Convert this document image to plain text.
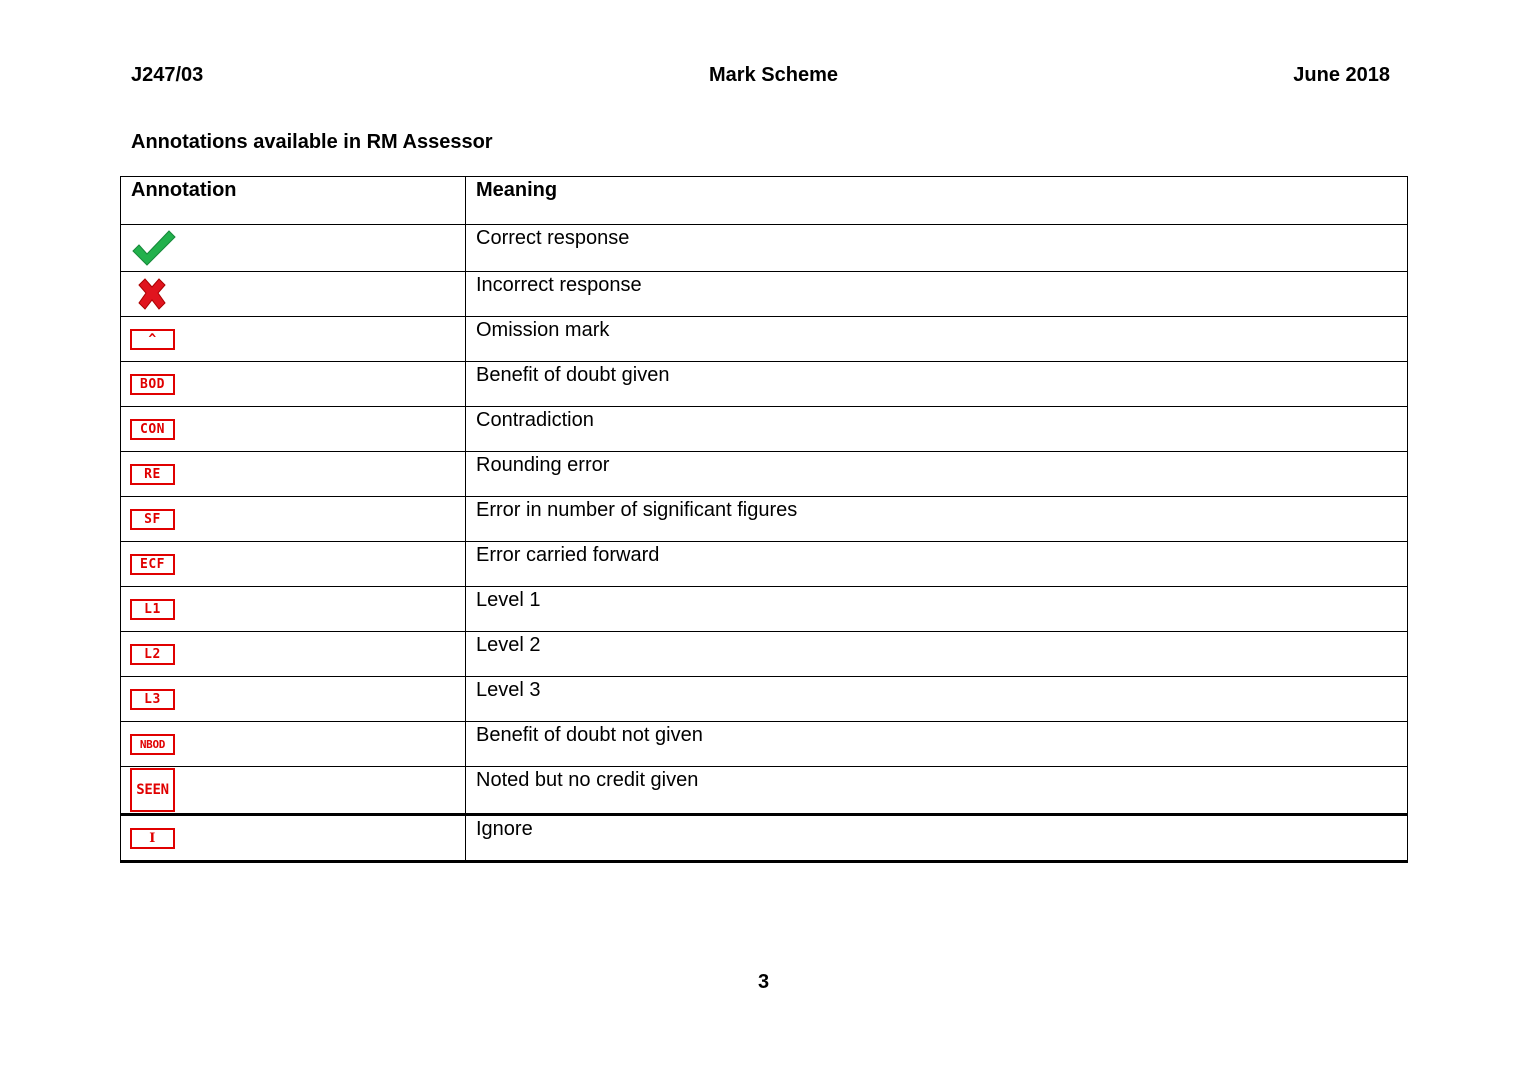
J247/03	Mark Scheme	June 2018
Annotations available in RM Assessor
Annotation	Meaning

	Correct response

	Incorrect response

^	Omission mark

BOD	Benefit of doubt given

CON	Contradiction

RE	Rounding error

SF	Error in number of significant figures

ECF	Error carried forward

L1	Level 1

L2	Level 2

L3	Level 3

NBOD	Benefit of doubt not given

SEEN	Noted but no credit given

I	Ignore
3
